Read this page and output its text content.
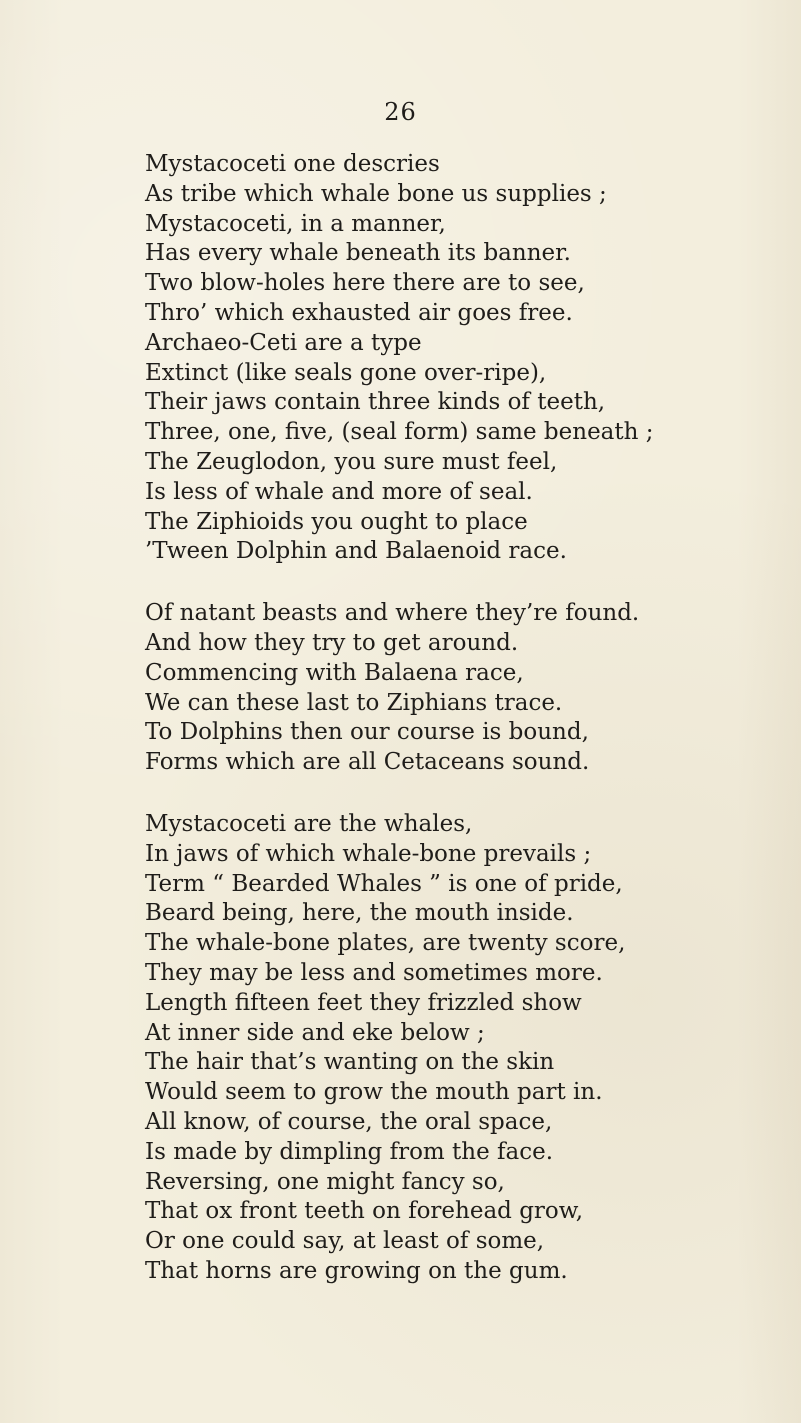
26
Mystacoceti one descries
As tribe which whale bone us supplies ;
Mystacoceti, in a manner,
Has every whale beneath its banner.
Two blow-holes here there are to see,
Thro’ which exhausted air goes free.
Archaeo-Ceti are a type
Extinct (like seals gone over-ripe),
Their jaws contain three kinds of teeth,
Three, one, five, (seal form) same beneath ;
The Zeuglodon, you sure must feel,
Is less of whale and more of seal.
The Ziphioids you ought to place
’Tween Dolphin and Balaenoid race.
Of natant beasts and where they’re found.
And how they try to get around.
Commencing with Balaena race,
We can these last to Ziphians trace.
To Dolphins then our course is bound,
Forms which are all Cetaceans sound.
Mystacoceti are the whales,
In jaws of which whale-bone prevails ;
Term “ Bearded Whales ” is one of pride,
Beard being, here, the mouth inside.
The whale-bone plates, are twenty score,
They may be less and sometimes more.
Length fifteen feet they frizzled show
At inner side and eke below ;
The hair that’s wanting on the skin
Would seem to grow the mouth part in.
All know, of course, the oral space,
Is made by dimpling from the face.
Reversing, one might fancy so,
That ox front teeth on forehead grow,
Or one could say, at least of some,
That horns are growing on the gum.
